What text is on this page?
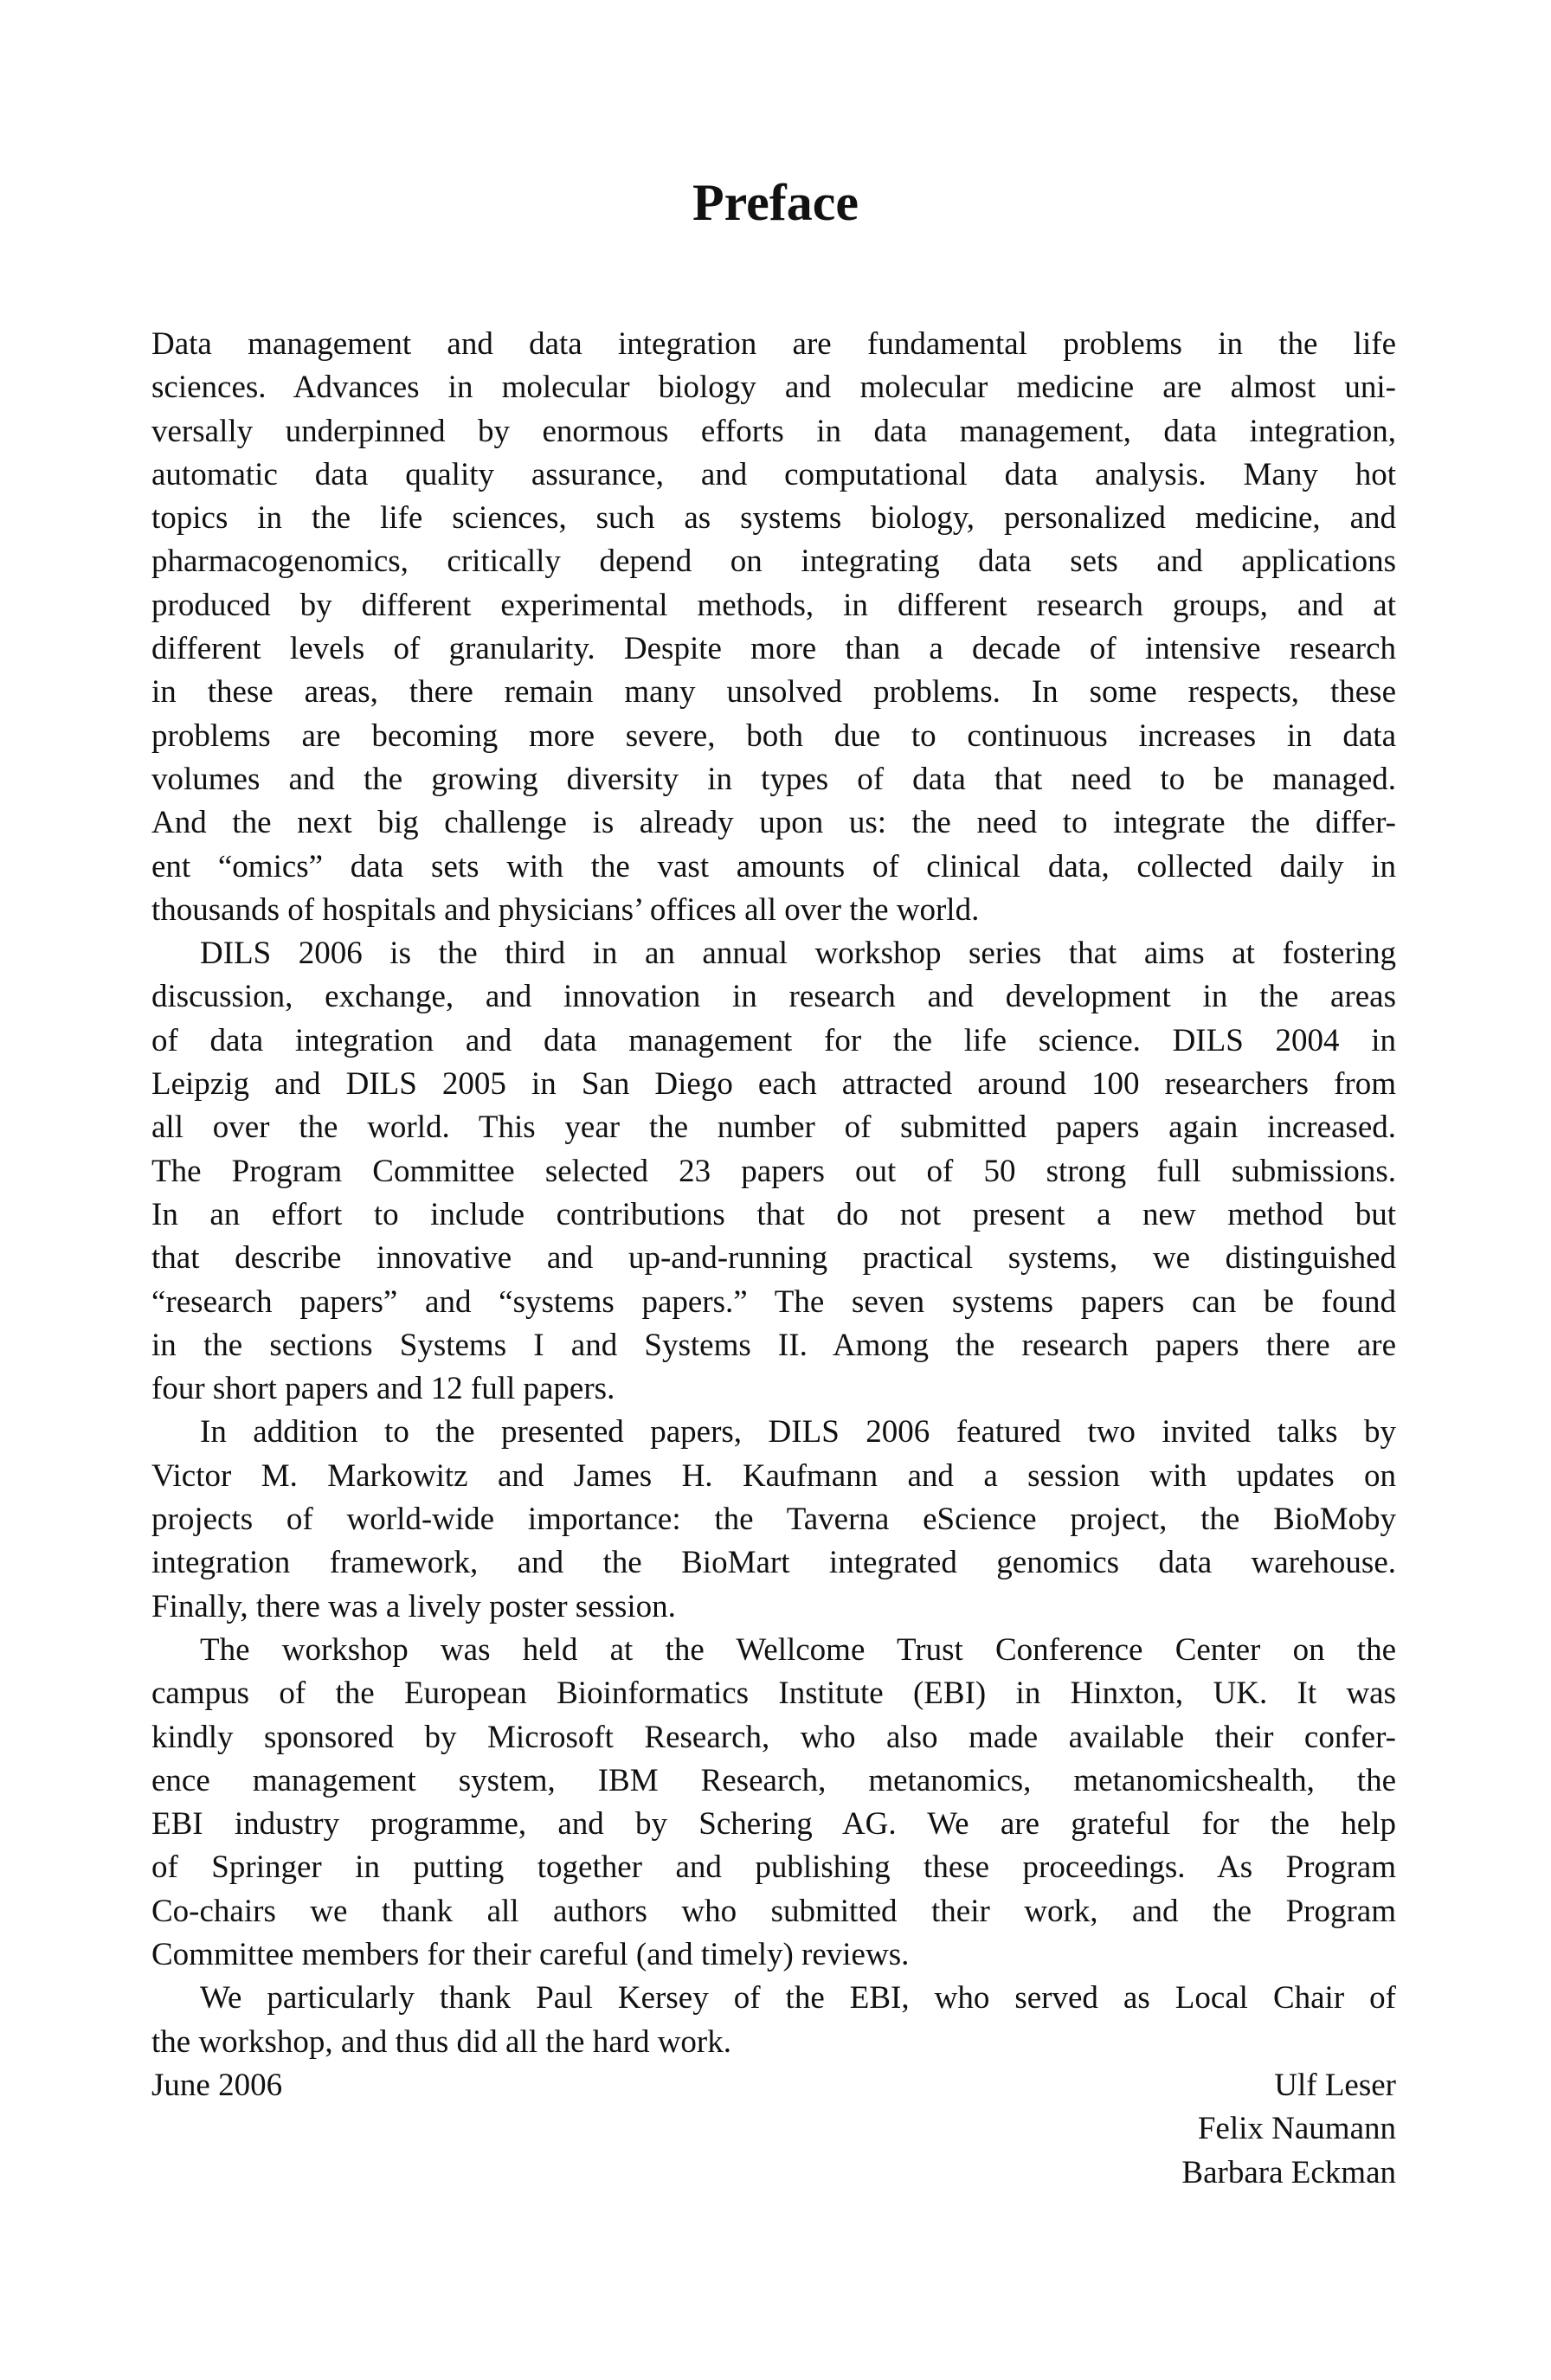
Preface
Data management and data integration are fundamental problems in the life
sciences. Advances in molecular biology and molecular medicine are almost uni-
versally underpinned by enormous efforts in data management, data integration,
automatic data quality assurance, and computational data analysis. Many hot
topics in the life sciences, such as systems biology, personalized medicine, and
pharmacogenomics, critically depend on integrating data sets and applications
produced by different experimental methods, in different research groups, and at
different levels of granularity. Despite more than a decade of intensive research
in these areas, there remain many unsolved problems. In some respects, these
problems are becoming more severe, both due to continuous increases in data
volumes and the growing diversity in types of data that need to be managed.
And the next big challenge is already upon us: the need to integrate the differ-
ent “omics” data sets with the vast amounts of clinical data, collected daily in
thousands of hospitals and physicians’ offices all over the world.
DILS 2006 is the third in an annual workshop series that aims at fostering
discussion, exchange, and innovation in research and development in the areas
of data integration and data management for the life science. DILS 2004 in
Leipzig and DILS 2005 in San Diego each attracted around 100 researchers from
all over the world. This year the number of submitted papers again increased.
The Program Committee selected 23 papers out of 50 strong full submissions.
In an effort to include contributions that do not present a new method but
that describe innovative and up-and-running practical systems, we distinguished
“research papers” and “systems papers.” The seven systems papers can be found
in the sections Systems I and Systems II. Among the research papers there are
four short papers and 12 full papers.
In addition to the presented papers, DILS 2006 featured two invited talks by
Victor M. Markowitz and James H. Kaufmann and a session with updates on
projects of world-wide importance: the Taverna eScience project, the BioMoby
integration framework, and the BioMart integrated genomics data warehouse.
Finally, there was a lively poster session.
The workshop was held at the Wellcome Trust Conference Center on the
campus of the European Bioinformatics Institute (EBI) in Hinxton, UK. It was
kindly sponsored by Microsoft Research, who also made available their confer-
ence management system, IBM Research, metanomics, metanomicshealth, the
EBI industry programme, and by Schering AG. We are grateful for the help
of Springer in putting together and publishing these proceedings. As Program
Co-chairs we thank all authors who submitted their work, and the Program
Committee members for their careful (and timely) reviews.
We particularly thank Paul Kersey of the EBI, who served as Local Chair of
the workshop, and thus did all the hard work.
June 2006	Ulf Leser
Felix Naumann
Barbara Eckman
